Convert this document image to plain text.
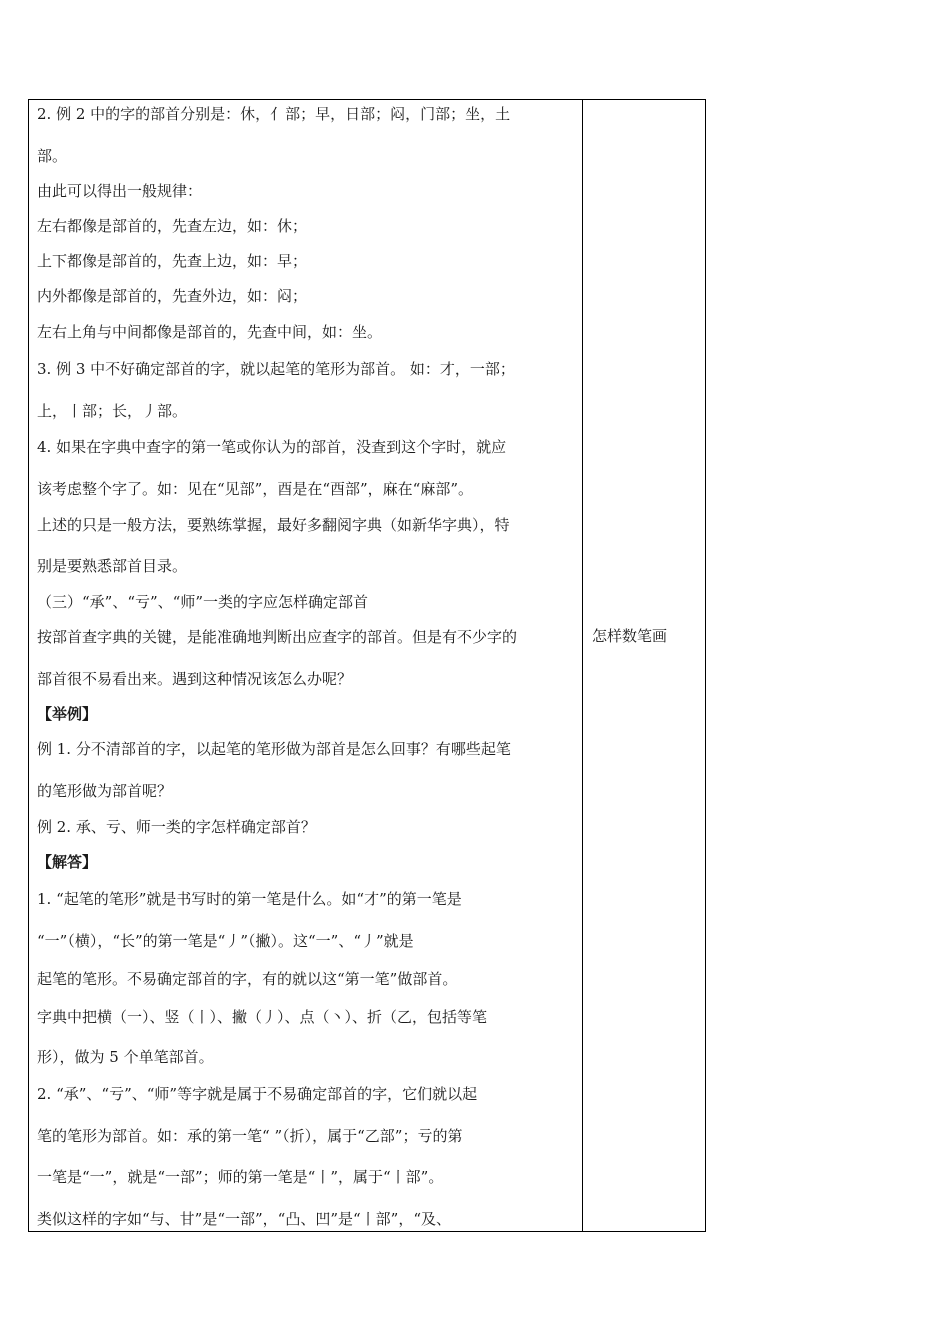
2. 例 2 中的字的部首分别是：休，亻部；早，日部；闷，门部；坐，土
部。
由此可以得出一般规律：
左右都像是部首的，先查左边，如：休；
上下都像是部首的，先查上边，如：早；
内外都像是部首的，先查外边，如：闷；
左右上角与中间都像是部首的，先查中间，如：坐。
3. 例 3 中不好确定部首的字，就以起笔的笔形为部首。 如：才，一部；
上，丨部；长，丿部。
4. 如果在字典中查字的第一笔或你认为的部首，没查到这个字时，就应
该考虑整个字了。如：见在“见部”，酉是在“酉部”，麻在“麻部”。
上述的只是一般方法，要熟练掌握，最好多翻阅字典（如新华字典），特
别是要熟悉部首目录。
（三）“承”、“亏”、“师”一类的字应怎样确定部首
按部首查字典的关键，是能准确地判断出应查字的部首。但是有不少字的
部首很不易看出来。遇到这种情况该怎么办呢？
【举例】
例 1. 分不清部首的字，以起笔的笔形做为部首是怎么回事？有哪些起笔
的笔形做为部首呢？
例 2. 承、亏、师一类的字怎样确定部首？
【解答】
1. “起笔的笔形”就是书写时的第一笔是什么。如“才”的第一笔是
“一”（横），“长”的第一笔是“丿”（撇）。这“一”、“丿”就是
起笔的笔形。不易确定部首的字，有的就以这“第一笔”做部首。
字典中把横（一）、竖（丨）、撇（丿）、点（丶）、折（乙，包括等笔
形），做为 5 个单笔部首。
2. “承”、“亏”、“师”等字就是属于不易确定部首的字，它们就以起
笔的笔形为部首。如：承的第一笔“ ”（折），属于“乙部”；亏的第
一笔是“一”，就是“一部”；师的第一笔是“丨”，属于“丨部”。
类似这样的字如“与、甘”是“一部”，“凸、凹”是“丨部”，“及、
怎样数笔画
